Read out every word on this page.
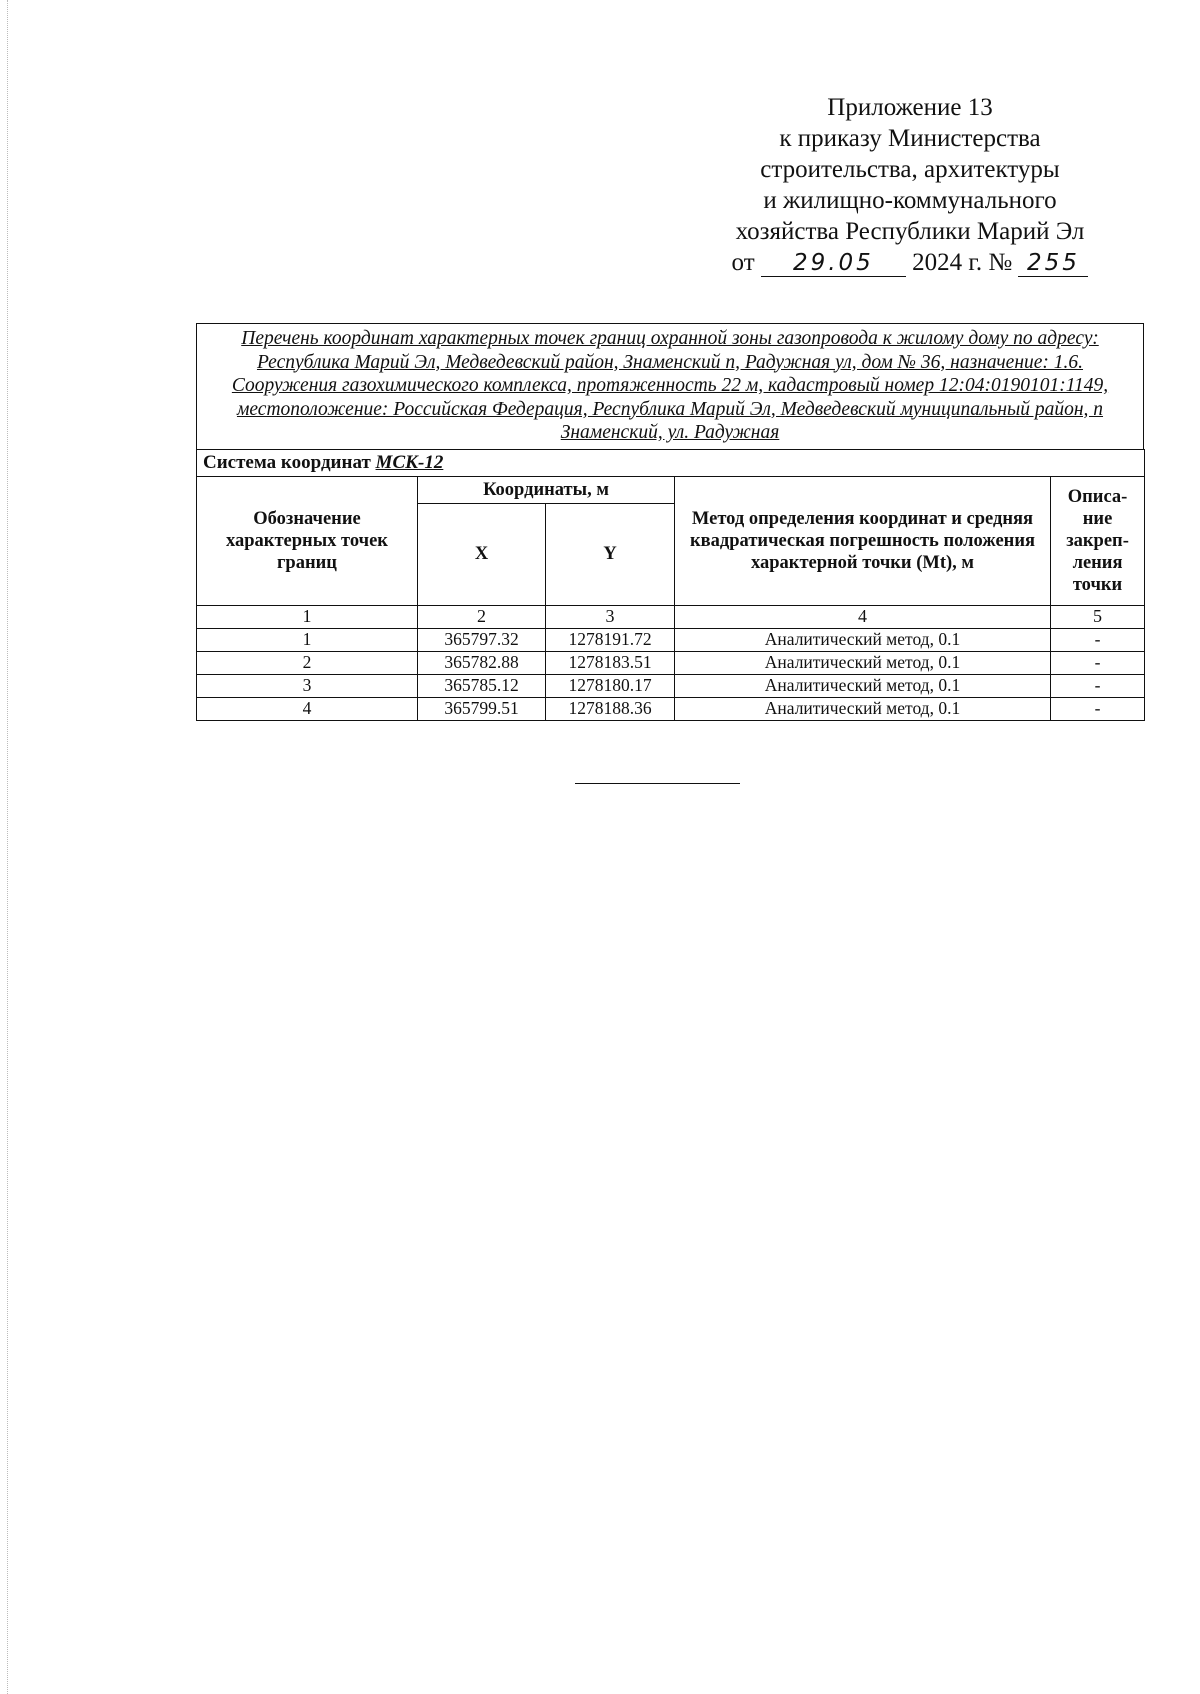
Приложение 13
к приказу Министерства
строительства, архитектуры
и жилищно-коммунального
хозяйства Республики Марий Эл
от 29.05 2024 г. № 255
Перечень координат характерных точек границ охранной зоны газопровода к жилому дому по адресу: Республика Марий Эл, Медведевский район, Знаменский п, Радужная ул, дом № 36, назначение: 1.6. Сооружения газохимического комплекса, протяженность 22 м, кадастровый номер 12:04:0190101:1149, местоположение: Российская Федерация, Республика Марий Эл, Медведевский муниципальный район, п Знаменский, ул. Радужная
Система координат МСК-12				
Обозначение характерных точек границ	Координаты, м		Метод определения координат и средняя квадратическая погрешность положения характерной точки (Mt), м	Описа-ние закреп-ления точки
	X	Y		
1	2	3	4	5
1	365797.32	1278191.72	Аналитический метод, 0.1	-
2	365782.88	1278183.51	Аналитический метод, 0.1	-
3	365785.12	1278180.17	Аналитический метод, 0.1	-
4	365799.51	1278188.36	Аналитический метод, 0.1	-
